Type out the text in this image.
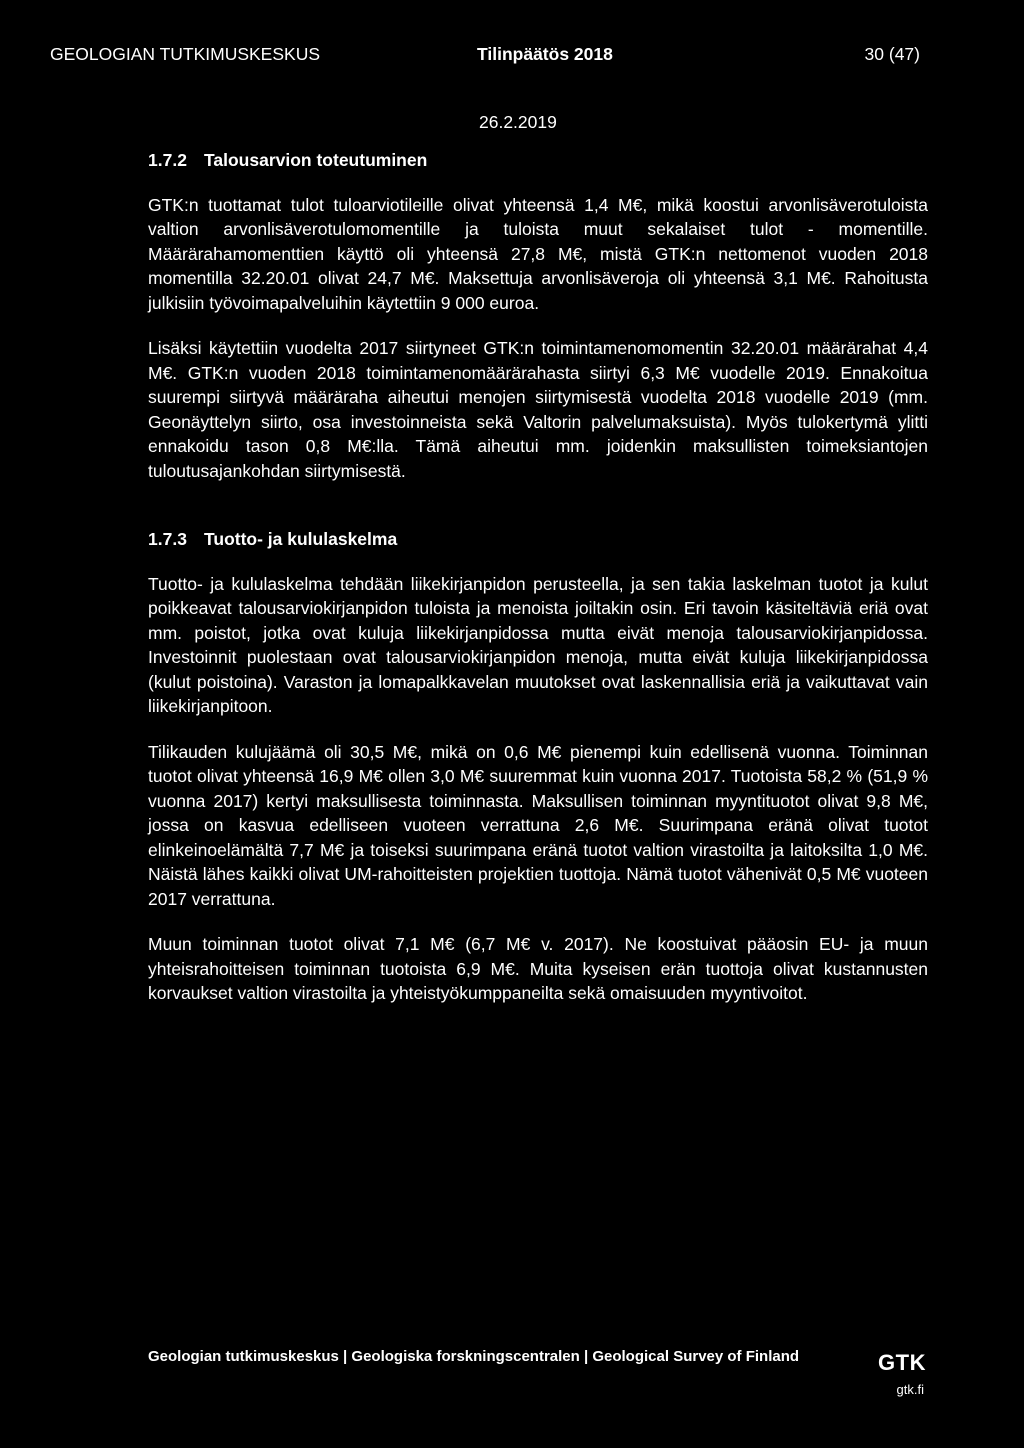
GEOLOGIAN TUTKIMUSKESKUS	Tilinpäätös 2018	30 (47)
26.2.2019
1.7.2 Talousarvion toteutuminen

GTK:n tuottamat tulot tuloarviotileille olivat yhteensä 1,4 M€, mikä koostui arvonlisäverotuloista valtion arvonlisäverotulomomentille ja tuloista muut sekalaiset tulot - momentille. Määrärahamomenttien käyttö oli yhteensä 27,8 M€, mistä GTK:n nettomenot vuoden 2018 momentilla 32.20.01 olivat 24,7 M€. Maksettuja arvonlisäveroja oli yhteensä 3,1 M€. Rahoitusta julkisiin työvoimapalveluihin käytettiin 9 000 euroa.

Lisäksi käytettiin vuodelta 2017 siirtyneet GTK:n toimintamenomomentin 32.20.01 määrärahat 4,4 M€. GTK:n vuoden 2018 toimintamenomäärärahasta siirtyi 6,3 M€ vuodelle 2019. Ennakoitua suurempi siirtyvä määräraha aiheutui menojen siirtymisestä vuodelta 2018 vuodelle 2019 (mm. Geonäyttelyn siirto, osa investoinneista sekä Valtorin palvelumaksuista). Myös tulokertymä ylitti ennakoidu tason 0,8 M€:lla. Tämä aiheutui mm. joidenkin maksullisten toimeksiantojen tuloutusajankohdan siirtymisestä.

1.7.3 Tuotto- ja kululaskelma

Tuotto- ja kululaskelma tehdään liikekirjanpidon perusteella, ja sen takia laskelman tuotot ja kulut poikkeavat talousarviokirjanpidon tuloista ja menoista joiltakin osin. Eri tavoin käsiteltäviä eriä ovat mm. poistot, jotka ovat kuluja liikekirjanpidossa mutta eivät menoja talousarviokirjanpidossa. Investoinnit puolestaan ovat talousarviokirjanpidon menoja, mutta eivät kuluja liikekirjanpidossa (kulut poistoina). Varaston ja lomapalkkavelan muutokset ovat laskennallisia eriä ja vaikuttavat vain liikekirjanpitoon.

Tilikauden kulujäämä oli 30,5 M€, mikä on 0,6 M€ pienempi kuin edellisenä vuonna. Toiminnan tuotot olivat yhteensä 16,9 M€ ollen 3,0 M€ suuremmat kuin vuonna 2017. Tuotoista 58,2 % (51,9 % vuonna 2017) kertyi maksullisesta toiminnasta. Maksullisen toiminnan myyntituotot olivat 9,8 M€, jossa on kasvua edelliseen vuoteen verrattuna 2,6 M€. Suurimpana eränä olivat tuotot elinkeinoelämältä 7,7 M€ ja toiseksi suurimpana eränä tuotot valtion virastoilta ja laitoksilta 1,0 M€. Näistä lähes kaikki olivat UM-rahoitteisten projektien tuottoja. Nämä tuotot vähenivät 0,5 M€ vuoteen 2017 verrattuna.

Muun toiminnan tuotot olivat 7,1 M€ (6,7 M€ v. 2017). Ne koostuivat pääosin EU- ja muun yhteisrahoitteisen toiminnan tuotoista 6,9 M€. Muita kyseisen erän tuottoja olivat kustannusten korvaukset valtion virastoilta ja yhteistyökumppaneilta sekä omaisuuden myyntivoitot.

Geologian tutkimuskeskus | Geologiska forskningscentralen | Geological Survey of Finland	GTK
gtk.fi
